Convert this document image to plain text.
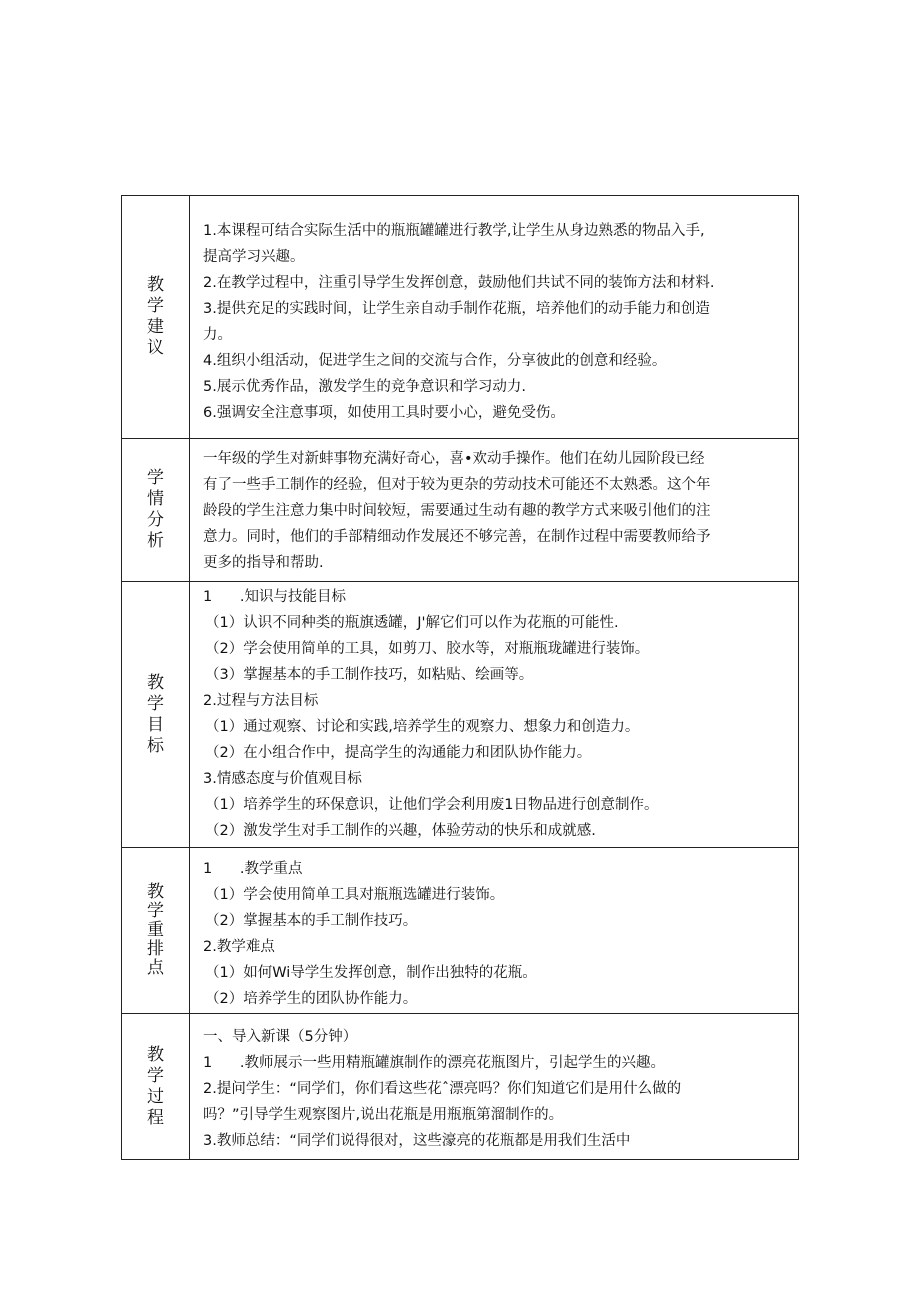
教
学
建
议
1.本课程可结合实际生活中的瓶瓶罐罐进行教学,让学生从身边熟悉的物品入手,
提高学习兴趣。
2.在教学过程中，注重引导学生发挥创意，鼓励他们共试不同的装饰方法和材料.
3.提供充足的实践时间，让学生亲自动手制作花瓶，培养他们的动手能力和创造
力。
4.组织小组活动，促进学生之间的交流与合作，分享彼此的创意和经验。
5.展示优秀作品，激发学生的竞争意识和学习动力.
6.强调安全注意事项，如使用工具时要小心，避免受伤。
学
情
分
析
一年级的学生对新蚌事物充满好奇心，喜•欢动手操作。他们在幼儿园阶段已经
有了一些手工制作的经验，但对于较为更杂的劳动技术可能还不太熟悉。这个年
龄段的学生注意力集中时间较短，需要通过生动有趣的教学方式来吸引他们的注
意力。同时，他们的手部精细动作发展还不够完善，在制作过程中需要教师给予
更多的指导和帮助.
教
学
目
标
1      .知识与技能目标
（1）认识不同种类的瓶旗透罐，J'解它们可以作为花瓶的可能性.
（2）学会使用简单的工具，如剪刀、胶水等，对瓶瓶珑罐进行装饰。
（3）掌握基本的手工制作技巧，如粘贴、绘画等。
2.过程与方法目标
（1）通过观察、讨论和实践,培养学生的观察力、想象力和创造力。
（2）在小组合作中，提高学生的沟通能力和团队协作能力。
3.情感态度与价值观目标
（1）培养学生的环保意识，让他们学会利用废1日物品进行创意制作。
（2）激发学生对手工制作的兴趣，体验劳动的快乐和成就感.
教
学
重
排
点
1      .教学重点
（1）学会使用简单工具对瓶瓶选罐进行装饰。
（2）掌握基本的手工制作技巧。
2.教学难点
（1）如何Wi导学生发挥创意，制作出独特的花瓶。
（2）培养学生的团队协作能力。
教
学
过
程
一、导入新课（5分钟）
1      .教师展示一些用精瓶罐旗制作的漂亮花瓶图片，引起学生的兴趣。
2.提问学生：“同学们，你们看这些花ˆ漂亮吗？你们知道它们是用什么做的
吗？”引导学生观察图片,说出花瓶是用瓶瓶第溜制作的。
3.教师总结：“同学们说得很对，这些濠亮的花瓶都是用我们生活中
